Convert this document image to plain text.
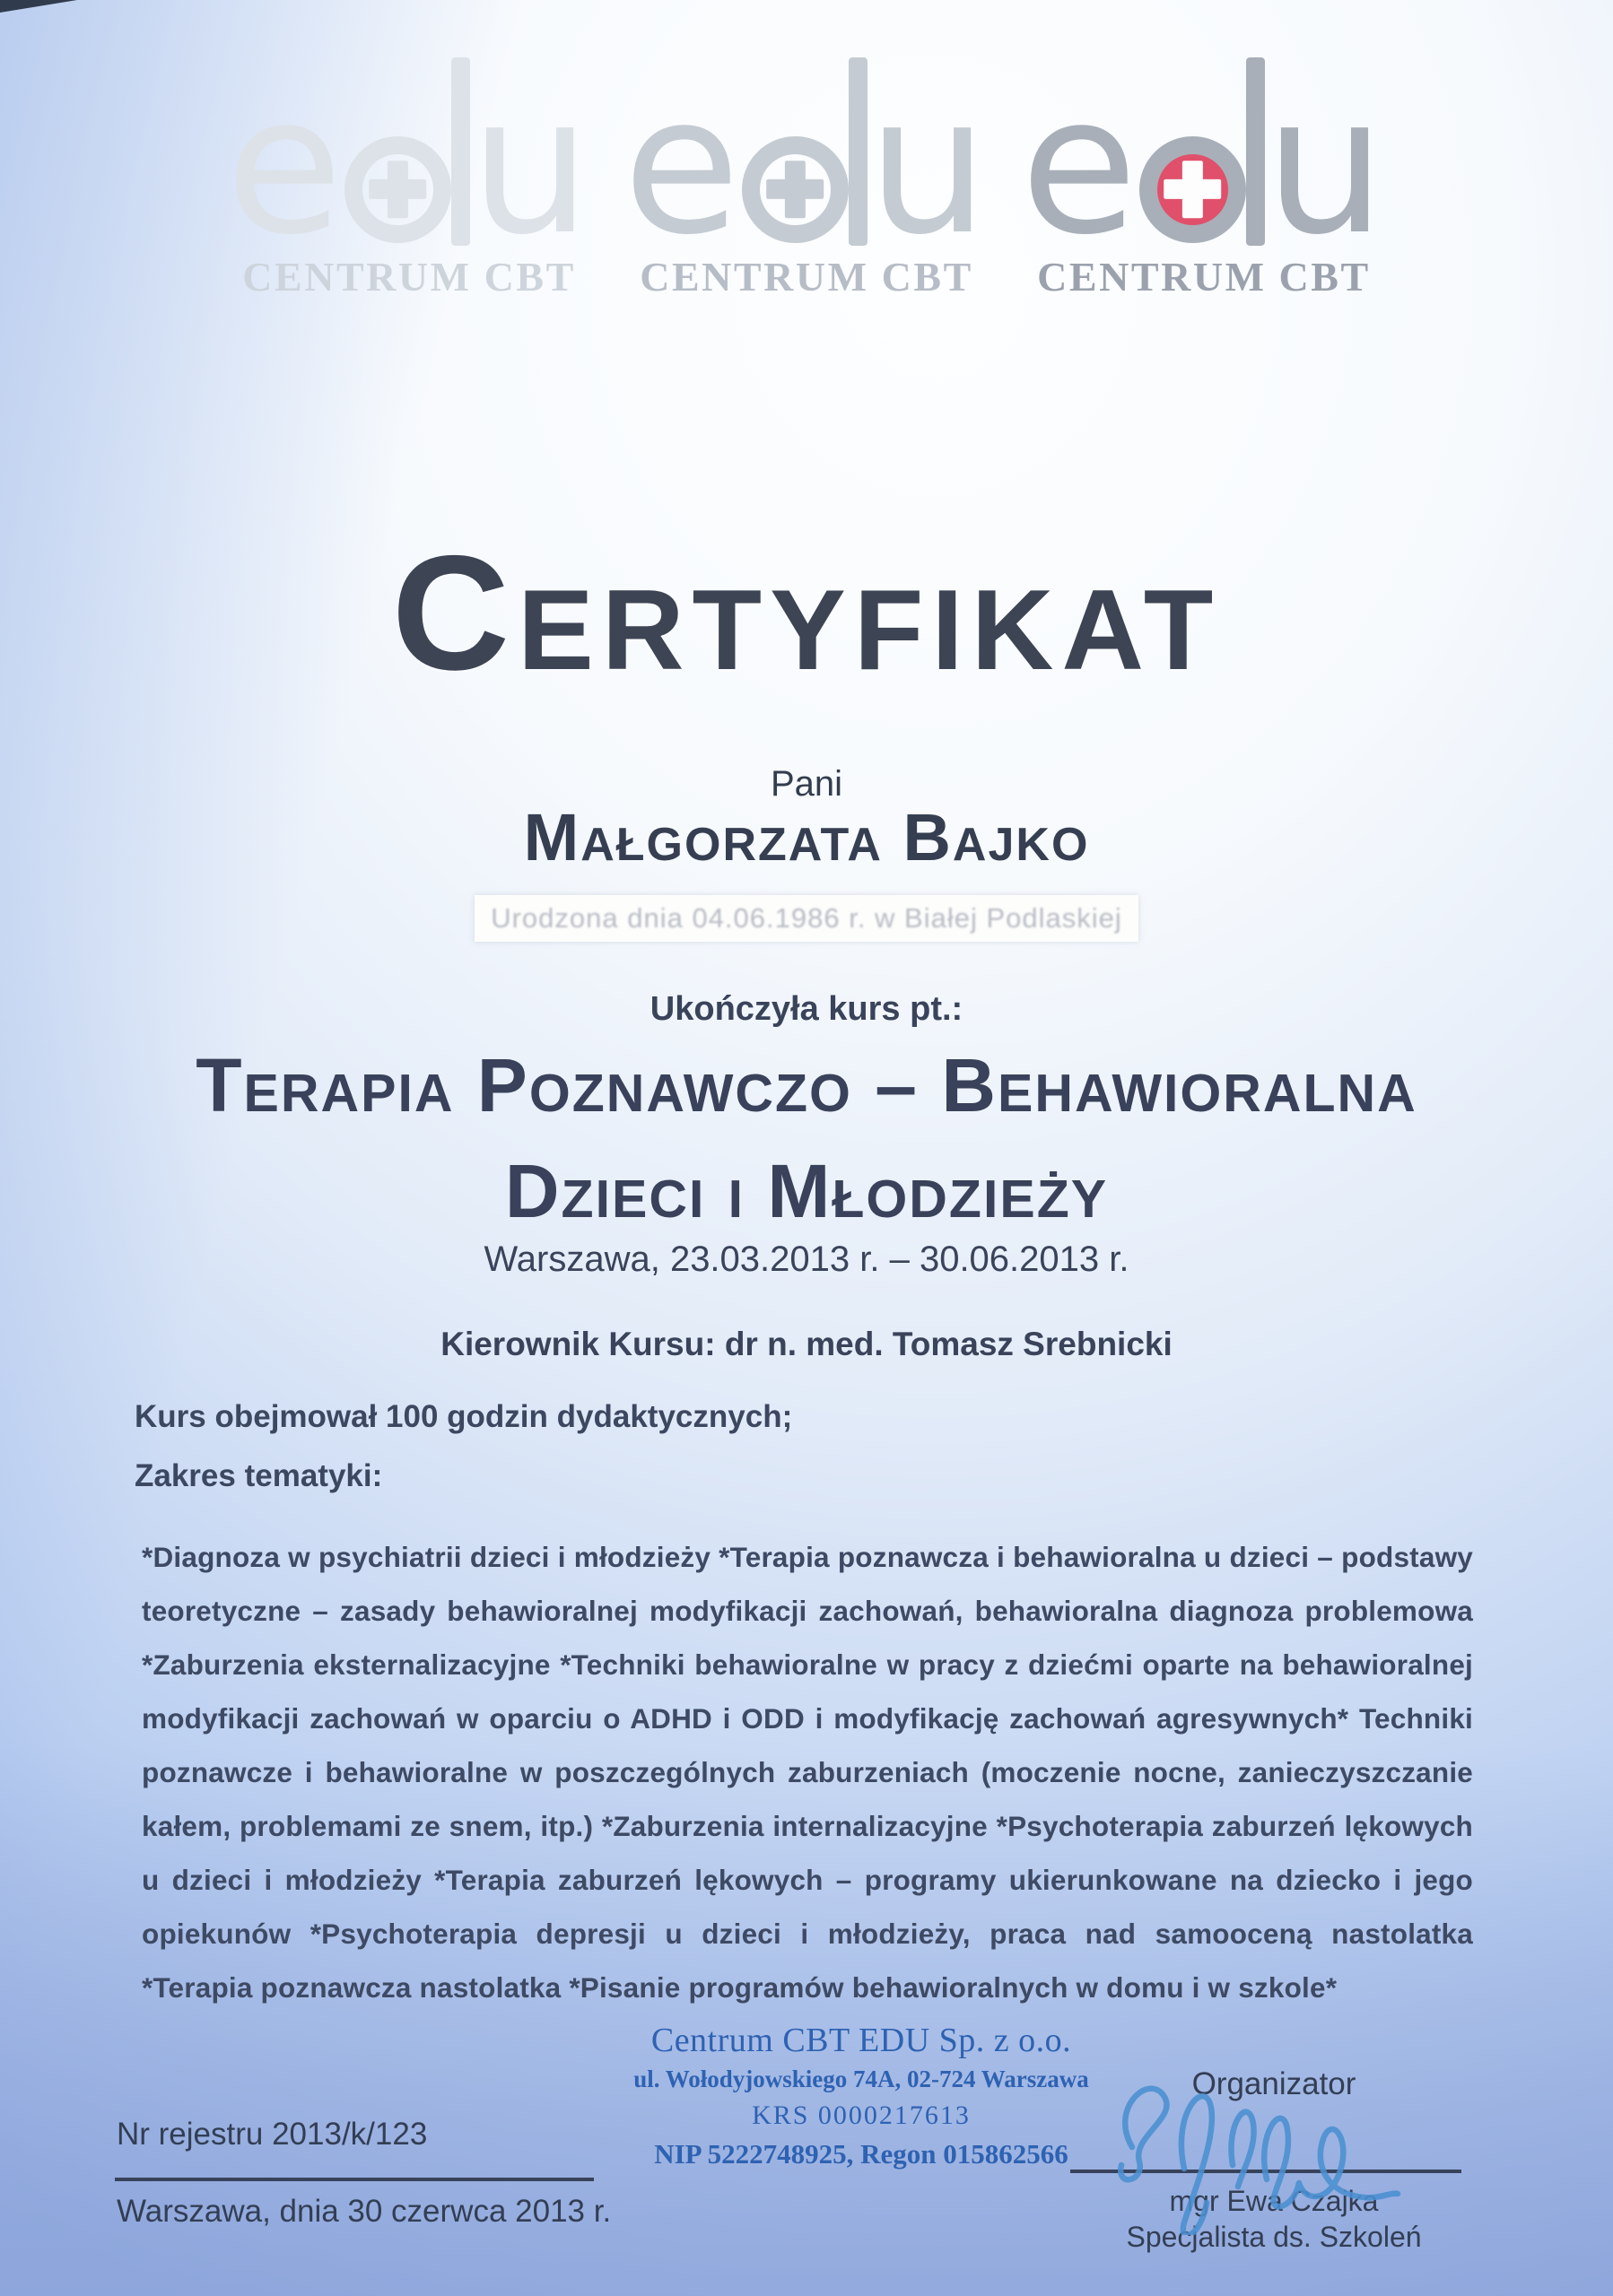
e u
CENTRUM CBT
e u
CENTRUM CBT
e u
CENTRUM CBT
Certyfikat
Pani
Małgorzata Bajko
Urodzona dnia 04.06.1986 r. w Białej Podlaskiej
Ukończyła kurs pt.:
Terapia Poznawczo – Behawioralna
Dzieci i Młodzieży
Warszawa, 23.03.2013 r. – 30.06.2013 r.
Kierownik Kursu: dr n. med. Tomasz Srebnicki
Kurs obejmował 100 godzin dydaktycznych;
Zakres tematyki:
*Diagnoza w psychiatrii dzieci i młodzieży *Terapia poznawcza i behawioralna u dzieci – podstawy teoretyczne – zasady behawioralnej modyfikacji zachowań, behawioralna diagnoza problemowa *Zaburzenia eksternalizacyjne *Techniki behawioralne w pracy z dziećmi oparte na behawioralnej modyfikacji zachowań w oparciu o ADHD i ODD i modyfikację zachowań agresywnych* Techniki poznawcze i behawioralne w poszczególnych zaburzeniach (moczenie nocne, zanieczyszczanie kałem, problemami ze snem, itp.) *Zaburzenia internalizacyjne *Psychoterapia zaburzeń lękowych u dzieci i młodzieży *Terapia zaburzeń lękowych – programy ukierunkowane na dziecko i jego opiekunów *Psychoterapia depresji u dzieci i młodzieży, praca nad samooceną nastolatka *Terapia poznawcza nastolatka *Pisanie programów behawioralnych w domu i w szkole*
Centrum CBT EDU Sp. z o.o.
ul. Wołodyjowskiego 74A, 02-724 Warszawa
KRS 0000217613
NIP 5222748925, Regon 015862566
Nr rejestru 2013/k/123
Warszawa, dnia 30 czerwca 2013 r.
Organizator
mgr Ewa Czajka
Specjalista ds. Szkoleń
